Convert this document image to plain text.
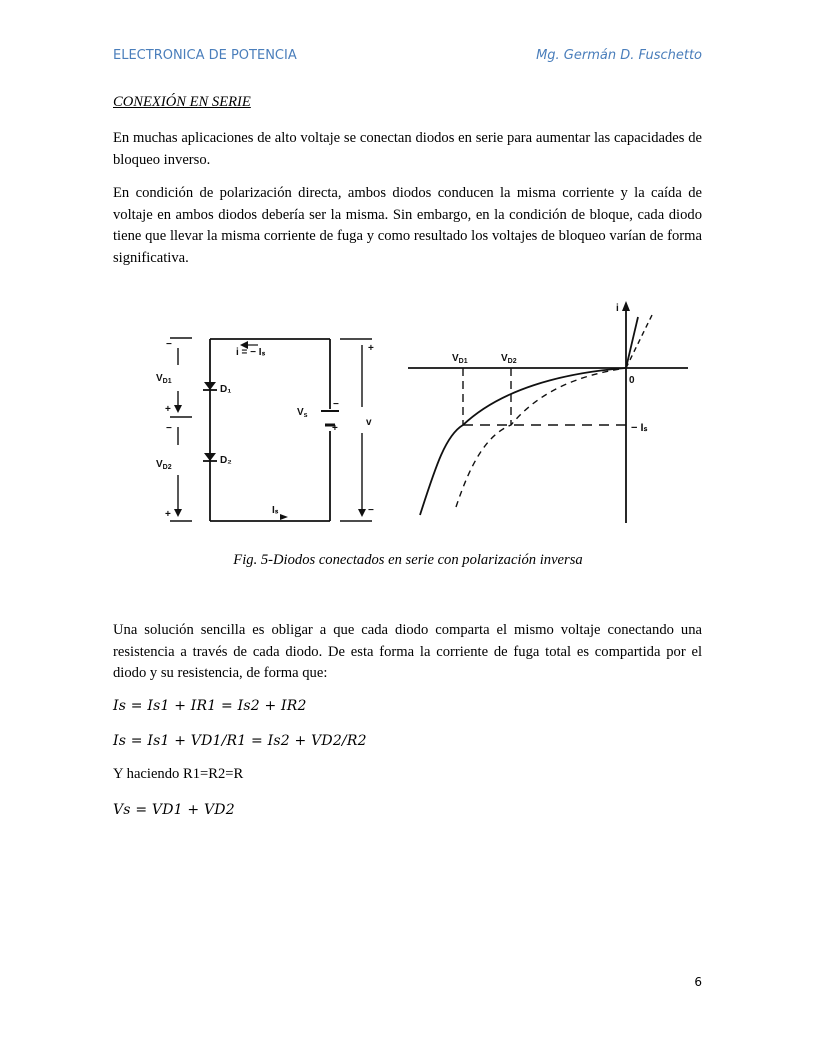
ELECTRONICA DE POTENCIA	Mg. Germán D. Fuschetto
CONEXIÓN EN SERIE

En muchas aplicaciones de alto voltaje se conectan diodos en serie para aumentar las capacidades de bloqueo inverso.

En condición de polarización directa, ambos diodos conducen la misma corriente y la caída de voltaje en ambos diodos debería ser la misma. Sin embargo, en la condición de bloque, cada diodo tiene que llevar la misma corriente de fuga y como resultado los voltajes de bloqueo varían de forma significativa.

i = − Iₛ
D₁
D₂
$V_{D1}$
$V_{D2}$
$V_s$
v
Iₛ
−
+
−
+
−
+
+
−
i
0
$V_{D1}$	$V_{D2}$
− Iₛ
Fig. 5-Diodos conectados en serie con polarización inversa

Una solución sencilla es obligar a que cada diodo comparta el mismo voltaje conectando una resistencia a través de cada diodo. De esta forma la corriente de fuga total es compartida por el diodo y su resistencia, de forma que:

Is = Is1 + IR1 = Is2 + IR2
Is = Is1 + VD1/R1 = Is2 + VD2/R2
Y haciendo R1=R2=R
Vs = VD1 + VD2
6
